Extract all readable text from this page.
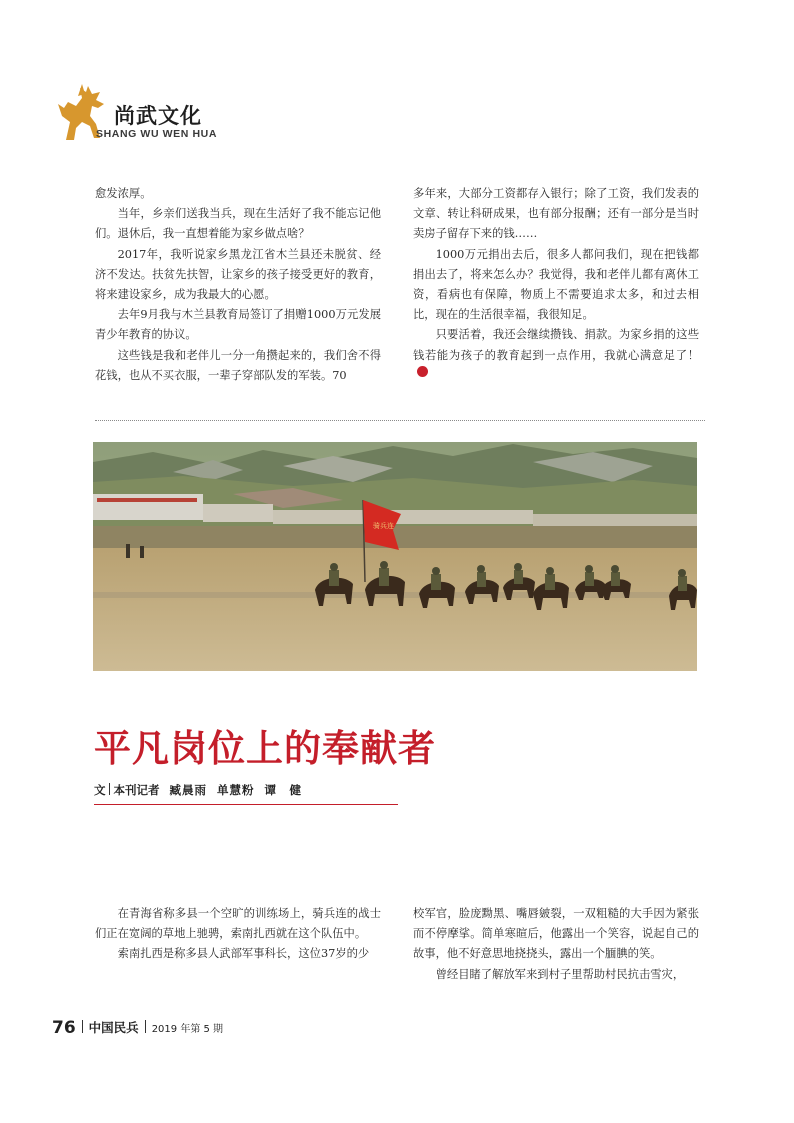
尚武文化
SHANG WU WEN HUA

愈发浓厚。

当年，乡亲们送我当兵，现在生活好了我不能忘记他们。退休后，我一直想着能为家乡做点啥？

2017年，我听说家乡黑龙江省木兰县还未脱贫、经济不发达。扶贫先扶智，让家乡的孩子接受更好的教育，将来建设家乡，成为我最大的心愿。

去年9月我与木兰县教育局签订了捐赠1000万元发展青少年教育的协议。

这些钱是我和老伴儿一分一角攒起来的，我们舍不得花钱，也从不买衣服，一辈子穿部队发的军装。70

多年来，大部分工资都存入银行；除了工资，我们发表的文章、转让科研成果，也有部分报酬；还有一部分是当时卖房子留存下来的钱……

1000万元捐出去后，很多人都问我们，现在把钱都捐出去了，将来怎么办？我觉得，我和老伴儿都有离休工资，看病也有保障，物质上不需要追求太多，和过去相比，现在的生活很幸福，我很知足。

只要活着，我还会继续攒钱、捐款。为家乡捐的这些钱若能为孩子的教育起到一点作用，我就心满意足了！

骑兵连
平凡岗位上的奉献者
文 本刊记者 臧晨雨 单慧粉 谭　健

在青海省称多县一个空旷的训练场上，骑兵连的战士们正在宽阔的草地上驰骋，索南扎西就在这个队伍中。

索南扎西是称多县人武部军事科长，这位37岁的少

校军官，脸庞黝黑、嘴唇皴裂，一双粗糙的大手因为紧张而不停摩挲。简单寒暄后，他露出一个笑容，说起自己的故事，他不好意思地挠挠头，露出一个腼腆的笑。

曾经目睹了解放军来到村子里帮助村民抗击雪灾，

76 中国民兵 2019 年第 5 期
